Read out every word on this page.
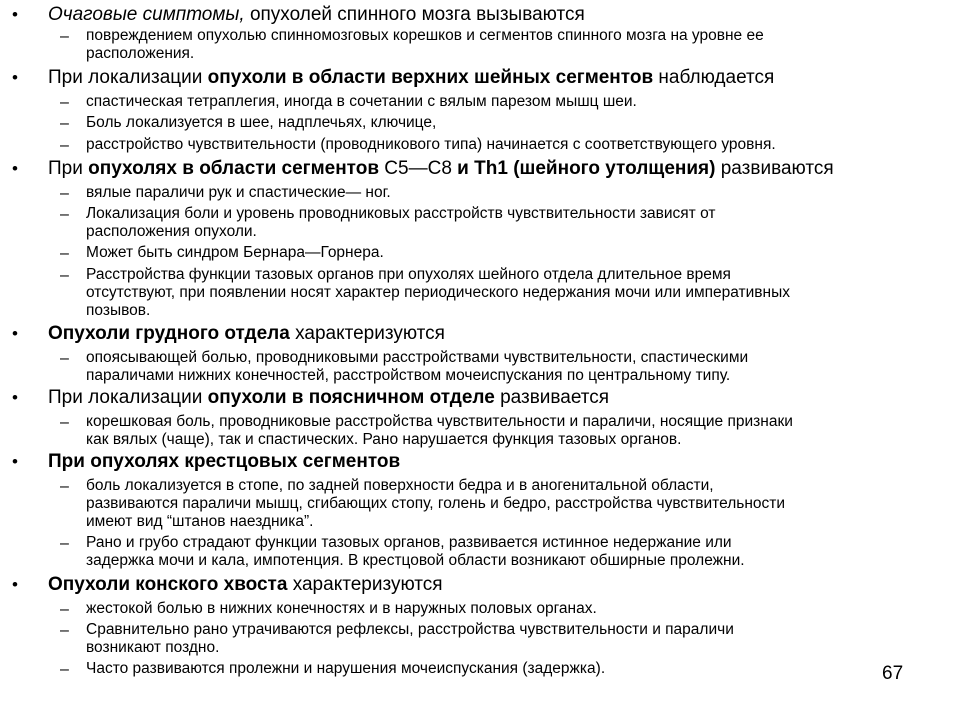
• Очаговые симптомы, опухолей спинного мозга вызываются
– повреждением опухолью спинномозговых корешков и сегментов спинного мозга на уровне ее
расположения.
• При локализации опухоли в области верхних шейных сегментов наблюдается
– спастическая тетраплегия, иногда в сочетании с вялым парезом мышц шеи.
– Боль локализуется в шее, надплечьях, ключице,
– расстройство чувствительности (проводникового типа) начинается с соответствующего уровня.
• При опухолях в области сегментов С5—С8 и Th1 (шейного утолщения) развиваются
– вялые параличи рук и спастические— ног.
– Локализация боли и уровень проводниковых расстройств чувствительности зависят от
расположения опухоли.
– Может быть синдром Бернара—Горнера.
– Расстройства функции тазовых органов при опухолях шейного отдела длительное время
отсутствуют, при появлении носят характер периодического недержания мочи или императивных
позывов.
• Опухоли грудного отдела характеризуются
– опоясывающей болью, проводниковыми расстройствами чувствительности, спастическими
параличами нижних конечностей, расстройством мочеиспускания по центральному типу.
• При локализации опухоли в поясничном отделе развивается
– корешковая боль, проводниковые расстройства чувствительности и параличи, носящие признаки
как вялых (чаще), так и спастических. Рано нарушается функция тазовых органов.
• При опухолях крестцовых сегментов
– боль локализуется в стопе, по задней поверхности бедра и в аногенитальной области,
развиваются параличи мышц, сгибающих стопу, голень и бедро, расстройства чувствительности
имеют вид “штанов наездника”.
– Рано и грубо страдают функции тазовых органов, развивается истинное недержание или
задержка мочи и кала, импотенция. В крестцовой области возникают обширные пролежни.
• Опухоли конского хвоста характеризуются
– жестокой болью в нижних конечностях и в наружных половых органах.
– Сравнительно рано утрачиваются рефлексы, расстройства чувствительности и параличи
возникают поздно.
– Часто развиваются пролежни и нарушения мочеиспускания (задержка).	67
